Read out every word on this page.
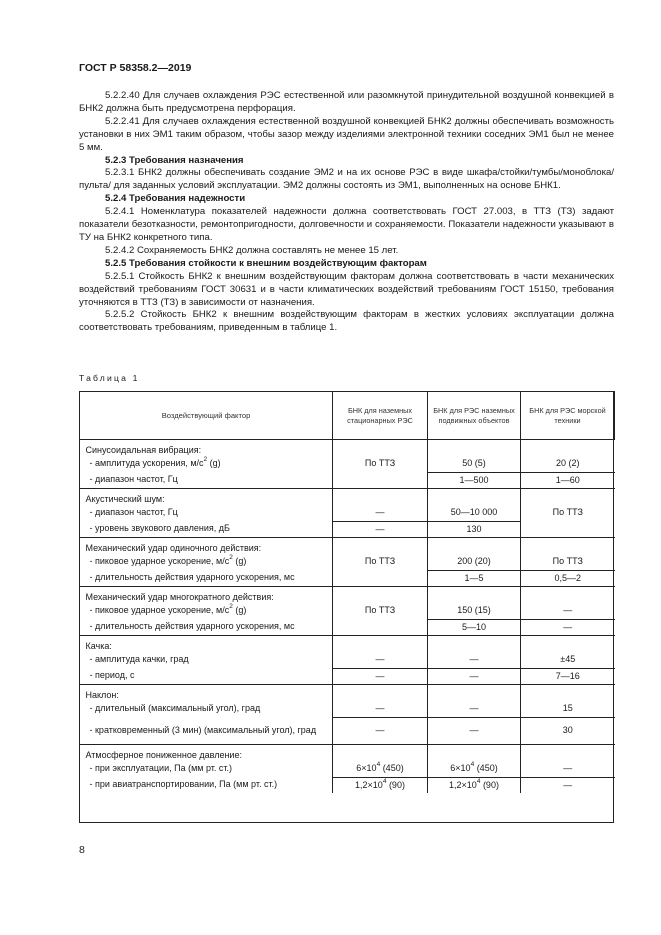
ГОСТ Р 58358.2—2019

5.2.2.40 Для случаев охлаждения РЭС естественной или разомкнутой принудительной воздушной конвекцией в БНК2 должна быть предусмотрена перфорация.

5.2.2.41 Для случаев охлаждения естественной воздушной конвекцией БНК2 должны обеспечивать возможность установки в них ЭМ1 таким образом, чтобы зазор между изделиями электронной техники соседних ЭМ1 был не менее 5 мм.

5.2.3 Требования назначения

5.2.3.1 БНК2 должны обеспечивать создание ЭМ2 и на их основе РЭС в виде шкафа/стойки/тумбы/моноблока/пульта/ для заданных условий эксплуатации. ЭМ2 должны состоять из ЭМ1, выполненных на основе БНК1.

5.2.4 Требования надежности

5.2.4.1 Номенклатура показателей надежности должна соответствовать ГОСТ 27.003, в ТТЗ (ТЗ) задают показатели безотказности, ремонтопригодности, долговечности и сохраняемости. Показатели надежности указывают в ТУ на БНК2 конкретного типа.

5.2.4.2 Сохраняемость БНК2 должна составлять не менее 15 лет.

5.2.5 Требования стойкости к внешним воздействующим факторам

5.2.5.1 Стойкость БНК2 к внешним воздействующим факторам должна соответствовать в части механических воздействий требованиям ГОСТ 30631 и в части климатических воздействий требованиям ГОСТ 15150, требования уточняются в ТТЗ (ТЗ) в зависимости от назначения.

5.2.5.2 Стойкость БНК2 к внешним воздействующим факторам в жестких условиях эксплуатации должна соответствовать требованиям, приведенным в таблице 1.

Таблица 1
Воздействующий фактор	БНК для наземных стационарных РЭС	БНК для РЭС наземных подвижных объектов	БНК для РЭС морской техники
Синусоидальная вибрация:	По ТТЗ		
- амплитуда ускорения, $м/с^2$ (g)		50 (5)	20 (2)
- диапазон частот, Гц		1—500	1—60
Акустический шум:			По ТТЗ
- диапазон частот, Гц	—	50—10 000	
- уровень звукового давления, дБ	—	130	
Механический удар одиночного действия:	По ТТЗ		
- пиковое ударное ускорение, $м/с^2$ (g)		200 (20)	По ТТЗ
- длительность действия ударного ускорения, мс		1—5	0,5—2
Механический удар многократного действия:	По ТТЗ		
- пиковое ударное ускорение, $м/с^2$ (g)		150 (15)	—
- длительность действия ударного ускорения, мс		5—10	—
Качка:			
- амплитуда качки, град	—	—	±45
- период, с	—	—	7—16
Наклон:			
- длительный (максимальный угол), град	—	—	15
- кратковременный (3 мин) (максимальный угол), град	—	—	30
Атмосферное пониженное давление:			
- при эксплуатации, Па (мм рт. ст.)	$6\times 10^4$ (450)	$6\times 10^4$ (450)	—
- при авиатранспортировании, Па (мм рт. ст.)	$1,2\times 10^4$ (90)	$1,2\times 10^4$ (90)	—
8
